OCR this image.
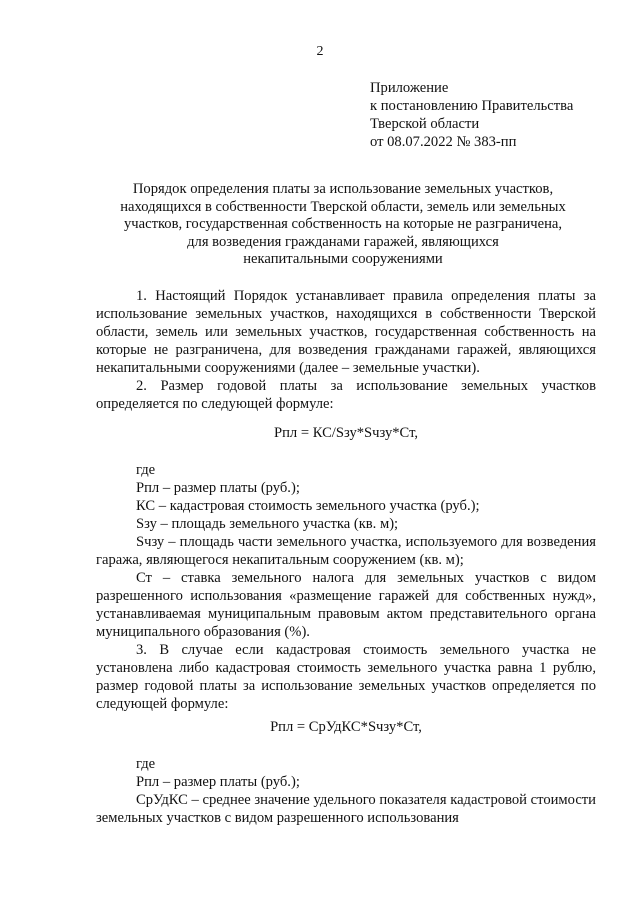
2
Приложение
к постановлению Правительства
Тверской области
от 08.07.2022 № 383-пп
Порядок определения платы за использование земельных участков,
находящихся в собственности Тверской области, земель или земельных
участков, государственная собственность на которые не разграничена,
для возведения гражданами гаражей, являющихся
некапитальными сооружениями

1. Настоящий Порядок устанавливает правила определения платы за использование земельных участков, находящихся в собственности Тверской области, земель или земельных участков, государственная собственность на которые не разграничена, для возведения гражданами гаражей, являющихся некапитальными сооружениями (далее – земельные участки).

2. Размер годовой платы за использование земельных участков определяется по следующей формуле:

Рпл = КС/Sзу*Sчзу*Ст,

где

Рпл – размер платы (руб.);

КС – кадастровая стоимость земельного участка (руб.);

Sзу – площадь земельного участка (кв. м);

Sчзу – площадь части земельного участка, используемого для возведения гаража, являющегося некапитальным сооружением (кв. м);

Ст – ставка земельного налога для земельных участков с видом разрешенного использования «размещение гаражей для собственных нужд», устанавливаемая муниципальным правовым актом представительного органа муниципального образования (%).

3. В случае если кадастровая стоимость земельного участка не установлена либо кадастровая стоимость земельного участка равна 1 рублю, размер годовой платы за использование земельных участков определяется по следующей формуле:

Рпл = СрУдКС*Sчзу*Ст,

где

Рпл – размер платы (руб.);

СрУдКС – среднее значение удельного показателя кадастровой стоимости земельных участков с видом разрешенного использования
